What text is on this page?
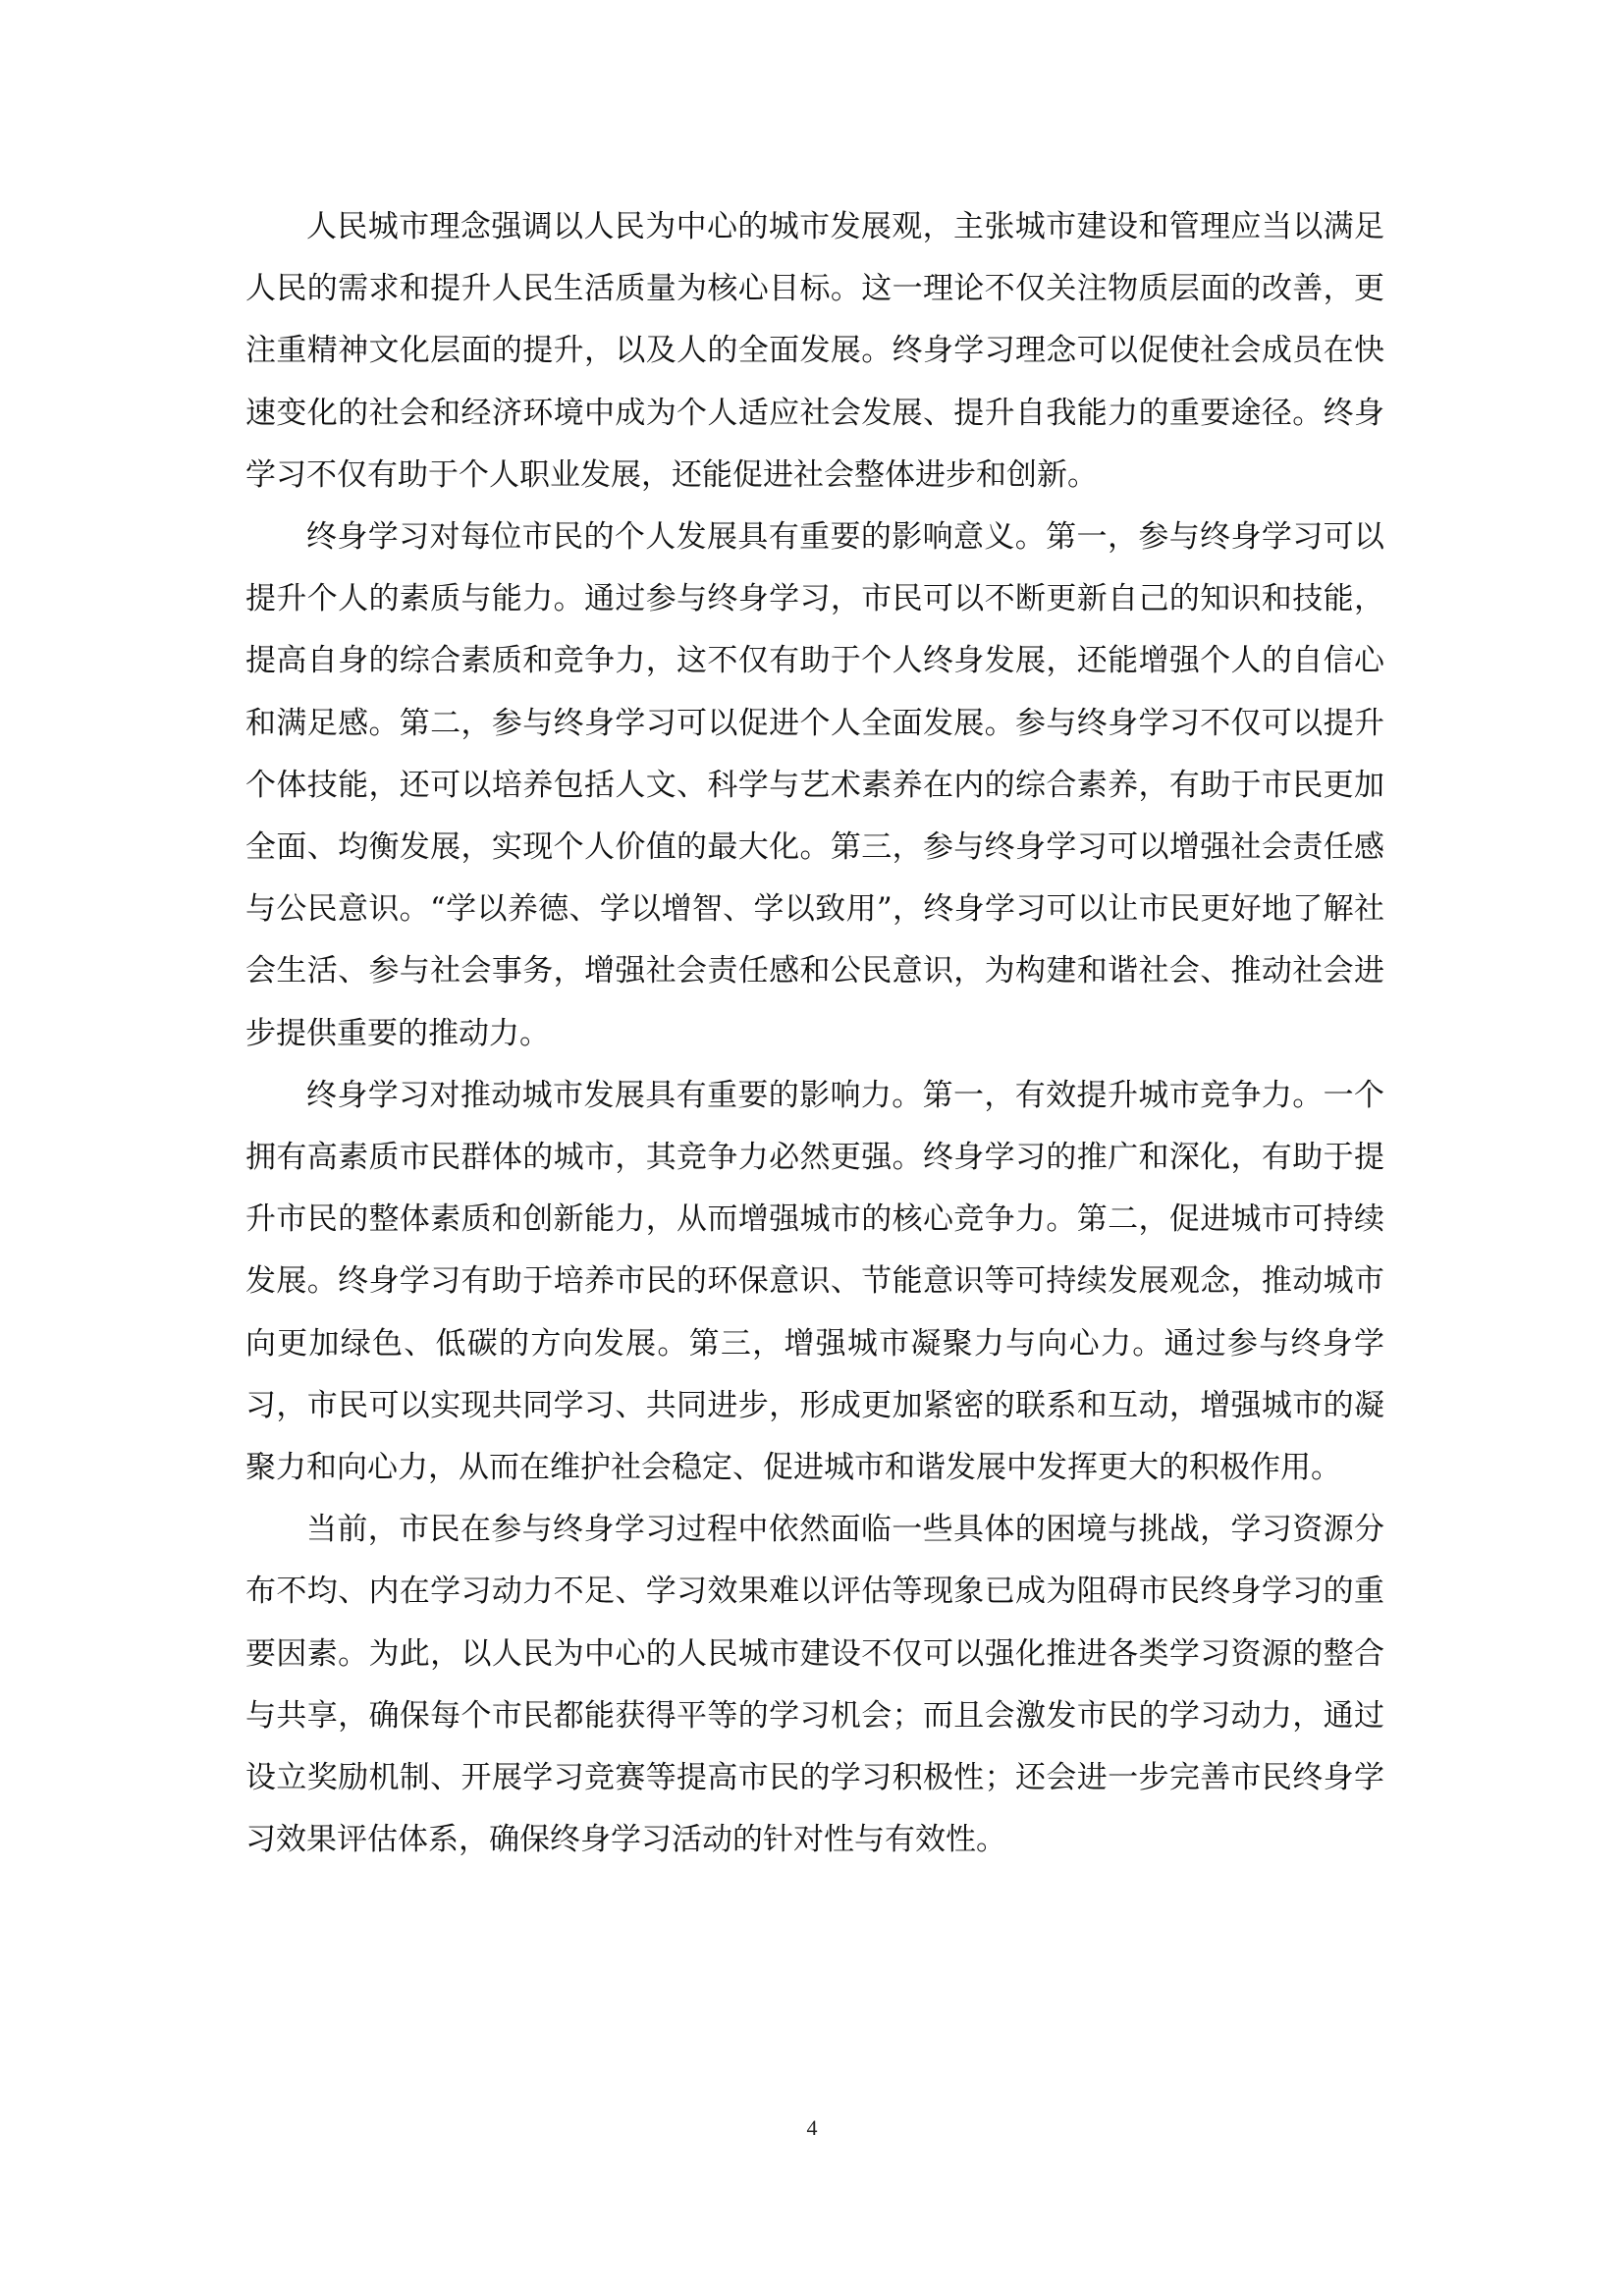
人民城市理念强调以人民为中心的城市发展观，主张城市建设和管理应当以满足人民的需求和提升人民生活质量为核心目标。这一理论不仅关注物质层面的改善，更注重精神文化层面的提升，以及人的全面发展。终身学习理念可以促使社会成员在快速变化的社会和经济环境中成为个人适应社会发展、提升自我能力的重要途径。终身学习不仅有助于个人职业发展，还能促进社会整体进步和创新。

终身学习对每位市民的个人发展具有重要的影响意义。第一，参与终身学习可以提升个人的素质与能力。通过参与终身学习，市民可以不断更新自己的知识和技能，提高自身的综合素质和竞争力，这不仅有助于个人终身发展，还能增强个人的自信心和满足感。第二，参与终身学习可以促进个人全面发展。参与终身学习不仅可以提升个体技能，还可以培养包括人文、科学与艺术素养在内的综合素养，有助于市民更加全面、均衡发展，实现个人价值的最大化。第三，参与终身学习可以增强社会责任感与公民意识。“学以养德、学以增智、学以致用”，终身学习可以让市民更好地了解社会生活、参与社会事务，增强社会责任感和公民意识，为构建和谐社会、推动社会进步提供重要的推动力。

终身学习对推动城市发展具有重要的影响力。第一，有效提升城市竞争力。一个拥有高素质市民群体的城市，其竞争力必然更强。终身学习的推广和深化，有助于提升市民的整体素质和创新能力，从而增强城市的核心竞争力。第二，促进城市可持续发展。终身学习有助于培养市民的环保意识、节能意识等可持续发展观念，推动城市向更加绿色、低碳的方向发展。第三，增强城市凝聚力与向心力。通过参与终身学习，市民可以实现共同学习、共同进步，形成更加紧密的联系和互动，增强城市的凝聚力和向心力，从而在维护社会稳定、促进城市和谐发展中发挥更大的积极作用。

当前，市民在参与终身学习过程中依然面临一些具体的困境与挑战，学习资源分布不均、内在学习动力不足、学习效果难以评估等现象已成为阻碍市民终身学习的重要因素。为此，以人民为中心的人民城市建设不仅可以强化推进各类学习资源的整合与共享，确保每个市民都能获得平等的学习机会；而且会激发市民的学习动力，通过设立奖励机制、开展学习竞赛等提高市民的学习积极性；还会进一步完善市民终身学习效果评估体系，确保终身学习活动的针对性与有效性。

4
